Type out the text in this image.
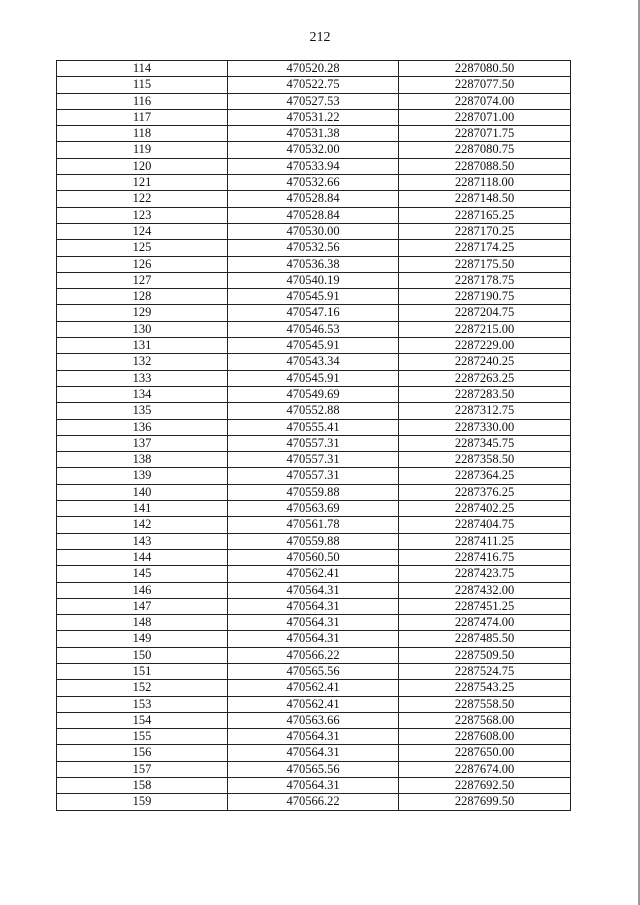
212
114	470520.28	2287080.50
115	470522.75	2287077.50
116	470527.53	2287074.00
117	470531.22	2287071.00
118	470531.38	2287071.75
119	470532.00	2287080.75
120	470533.94	2287088.50
121	470532.66	2287118.00
122	470528.84	2287148.50
123	470528.84	2287165.25
124	470530.00	2287170.25
125	470532.56	2287174.25
126	470536.38	2287175.50
127	470540.19	2287178.75
128	470545.91	2287190.75
129	470547.16	2287204.75
130	470546.53	2287215.00
131	470545.91	2287229.00
132	470543.34	2287240.25
133	470545.91	2287263.25
134	470549.69	2287283.50
135	470552.88	2287312.75
136	470555.41	2287330.00
137	470557.31	2287345.75
138	470557.31	2287358.50
139	470557.31	2287364.25
140	470559.88	2287376.25
141	470563.69	2287402.25
142	470561.78	2287404.75
143	470559.88	2287411.25
144	470560.50	2287416.75
145	470562.41	2287423.75
146	470564.31	2287432.00
147	470564.31	2287451.25
148	470564.31	2287474.00
149	470564.31	2287485.50
150	470566.22	2287509.50
151	470565.56	2287524.75
152	470562.41	2287543.25
153	470562.41	2287558.50
154	470563.66	2287568.00
155	470564.31	2287608.00
156	470564.31	2287650.00
157	470565.56	2287674.00
158	470564.31	2287692.50
159	470566.22	2287699.50
